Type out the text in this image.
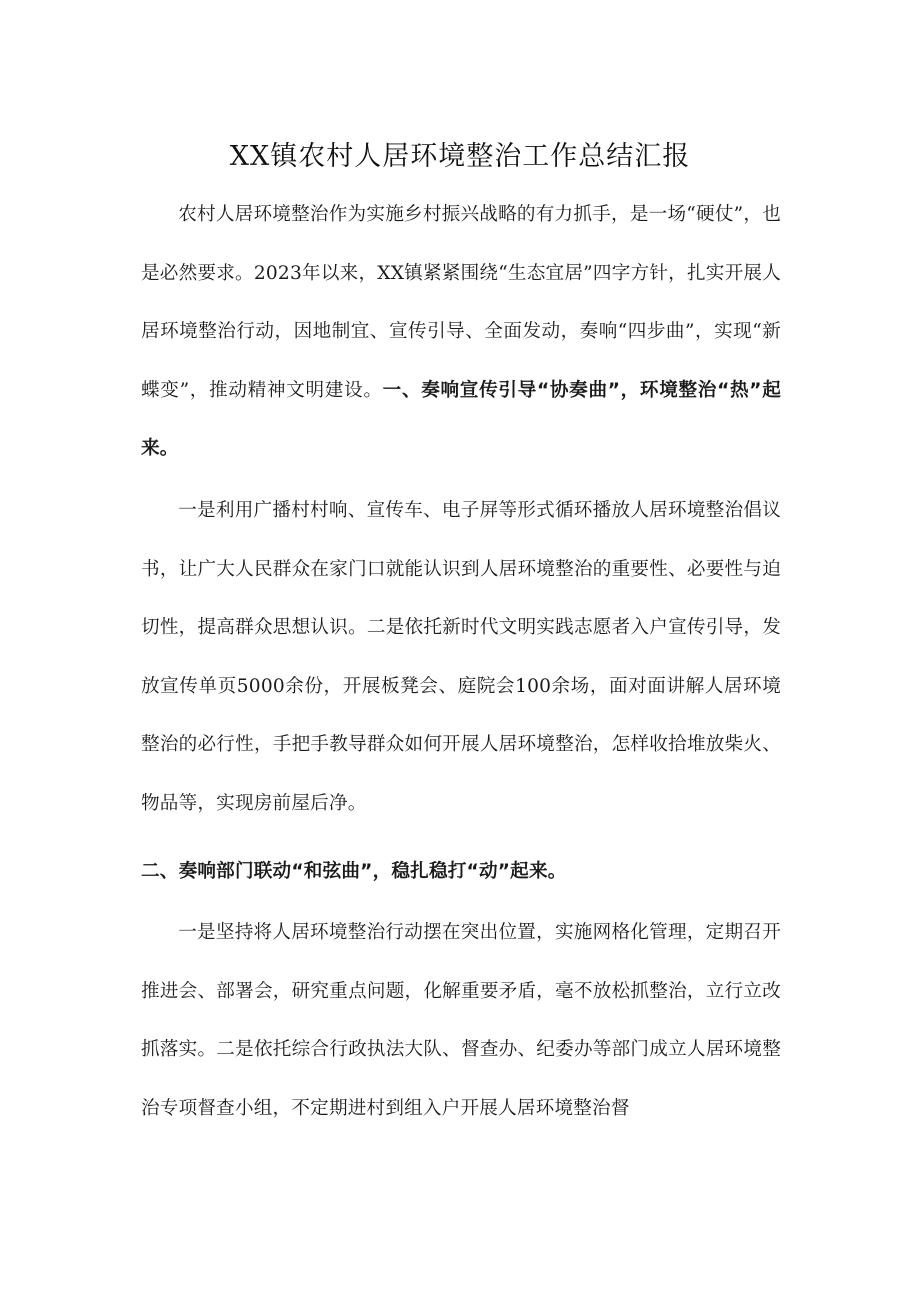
XX镇农村人居环境整治工作总结汇报
农村人居环境整治作为实施乡村振兴战略的有力抓手，是一场“硬仗”，也是必然要求。2023年以来，XX镇紧紧围绕“生态宜居”四字方针，扎实开展人居环境整治行动，因地制宜、宣传引导、全面发动，奏响“四步曲”，实现“新蝶变”，推动精神文明建设。一、奏响宣传引导“协奏曲”，环境整治“热”起来。
一是利用广播村村响、宣传车、电子屏等形式循环播放人居环境整治倡议书，让广大人民群众在家门口就能认识到人居环境整治的重要性、必要性与迫切性，提高群众思想认识。二是依托新时代文明实践志愿者入户宣传引导，发放宣传单页5000余份，开展板凳会、庭院会100余场，面对面讲解人居环境整治的必行性，手把手教导群众如何开展人居环境整治，怎样收拾堆放柴火、物品等，实现房前屋后净。
二、奏响部门联动“和弦曲”，稳扎稳打“动”起来。
一是坚持将人居环境整治行动摆在突出位置，实施网格化管理，定期召开推进会、部署会，研究重点问题，化解重要矛盾，毫不放松抓整治，立行立改抓落实。二是依托综合行政执法大队、督查办、纪委办等部门成立人居环境整治专项督查小组，不定期进村到组入户开展人居环境整治督
